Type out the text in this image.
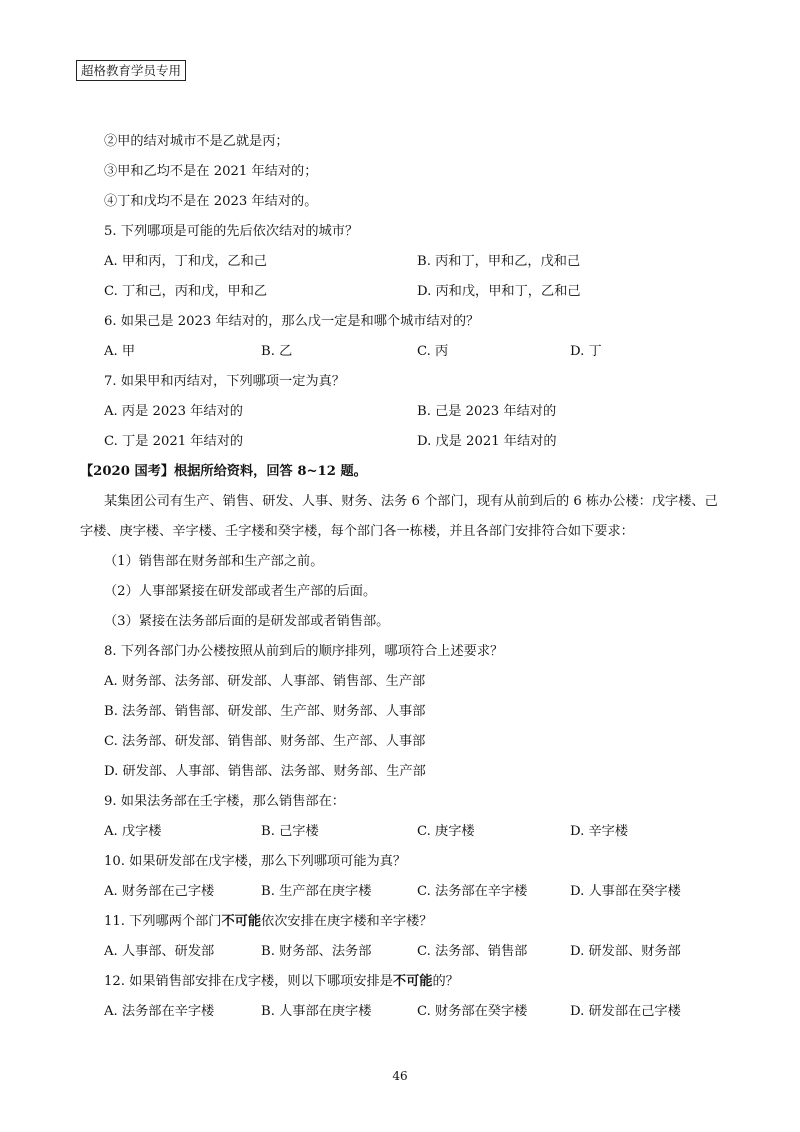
超格教育学员专用
②甲的结对城市不是乙就是丙；
③甲和乙均不是在 2021 年结对的；
④丁和戊均不是在 2023 年结对的。
5. 下列哪项是可能的先后依次结对的城市？
A. 甲和丙，丁和戊，乙和己	B. 丙和丁，甲和乙，戊和己
C. 丁和己，丙和戊，甲和乙	D. 丙和戊，甲和丁，乙和己
6. 如果己是 2023 年结对的，那么戊一定是和哪个城市结对的？
A. 甲	B. 乙	C. 丙	D. 丁
7. 如果甲和丙结对，下列哪项一定为真？
A. 丙是 2023 年结对的	B. 己是 2023 年结对的
C. 丁是 2021 年结对的	D. 戊是 2021 年结对的
【2020 国考】根据所给资料，回答 8~12 题。
某集团公司有生产、销售、研发、人事、财务、法务 6 个部门，现有从前到后的 6 栋办公楼：戊字楼、己
字楼、庚字楼、辛字楼、壬字楼和癸字楼，每个部门各一栋楼，并且各部门安排符合如下要求：
（1）销售部在财务部和生产部之前。
（2）人事部紧接在研发部或者生产部的后面。
（3）紧接在法务部后面的是研发部或者销售部。
8. 下列各部门办公楼按照从前到后的顺序排列，哪项符合上述要求？
A. 财务部、法务部、研发部、人事部、销售部、生产部
B. 法务部、销售部、研发部、生产部、财务部、人事部
C. 法务部、研发部、销售部、财务部、生产部、人事部
D. 研发部、人事部、销售部、法务部、财务部、生产部
9. 如果法务部在壬字楼，那么销售部在：
A. 戊字楼	B. 己字楼	C. 庚字楼	D. 辛字楼
10. 如果研发部在戊字楼，那么下列哪项可能为真？
A. 财务部在己字楼	B. 生产部在庚字楼	C. 法务部在辛字楼	D. 人事部在癸字楼
11. 下列哪两个部门不可能依次安排在庚字楼和辛字楼？
A. 人事部、研发部	B. 财务部、法务部	C. 法务部、销售部	D. 研发部、财务部
12. 如果销售部安排在戊字楼，则以下哪项安排是不可能的？
A. 法务部在辛字楼	B. 人事部在庚字楼	C. 财务部在癸字楼	D. 研发部在己字楼
46
